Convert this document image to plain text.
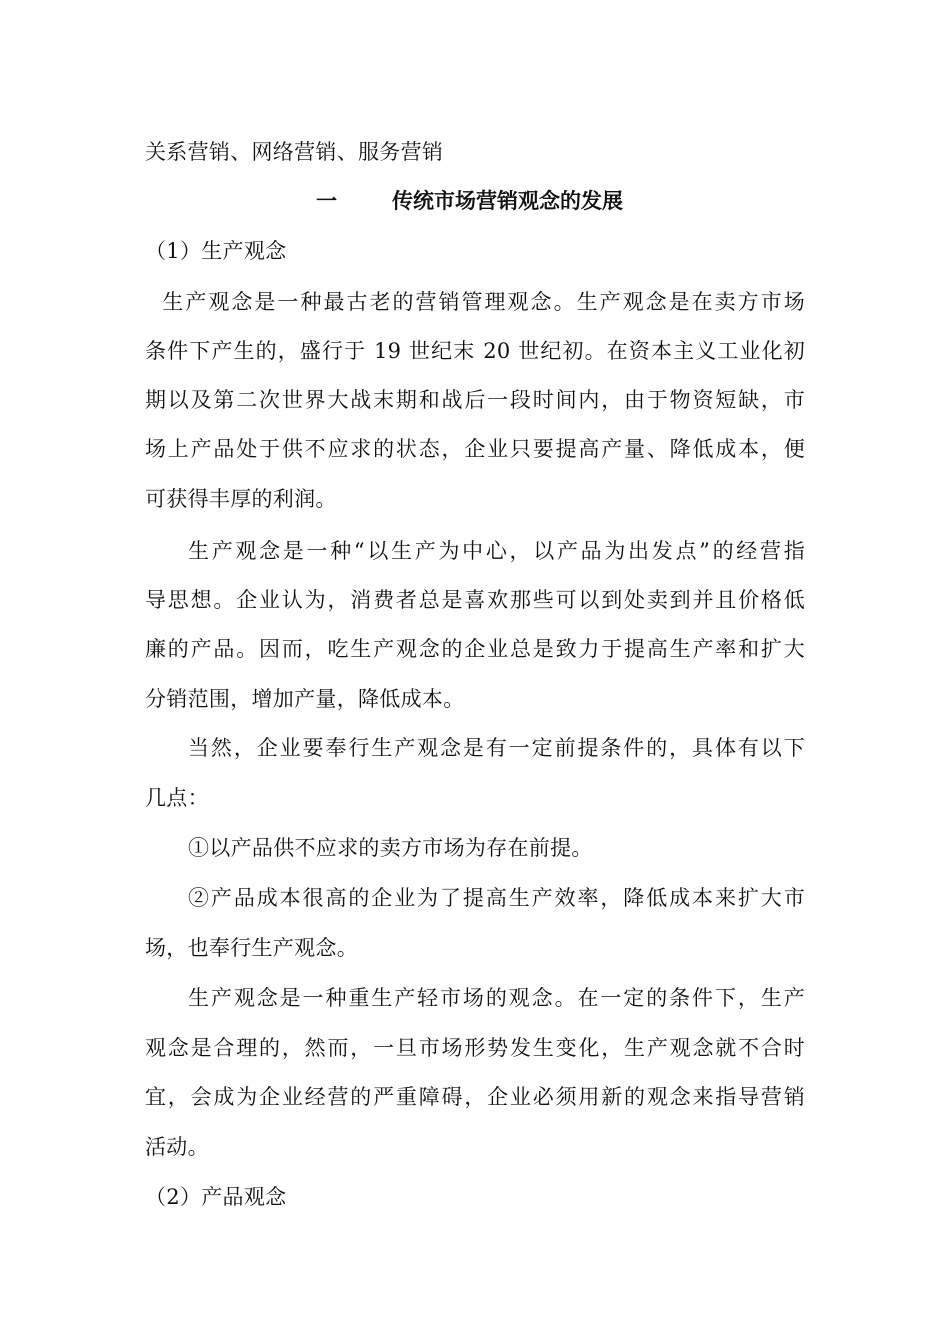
关系营销、网络营销、服务营销
一	传统市场营销观念的发展
（1）生产观念
生产观念是一种最古老的营销管理观念。生产观念是在卖方市场
条件下产生的，盛行于 19 世纪末 20 世纪初。在资本主义工业化初
期以及第二次世界大战末期和战后一段时间内，由于物资短缺，市
场上产品处于供不应求的状态，企业只要提高产量、降低成本，便
可获得丰厚的利润。
生产观念是一种“以生产为中心，以产品为出发点”的经营指
导思想。企业认为，消费者总是喜欢那些可以到处卖到并且价格低
廉的产品。因而，吃生产观念的企业总是致力于提高生产率和扩大
分销范围，增加产量，降低成本。
当然，企业要奉行生产观念是有一定前提条件的，具体有以下
几点：
①以产品供不应求的卖方市场为存在前提。
②产品成本很高的企业为了提高生产效率，降低成本来扩大市
场，也奉行生产观念。
生产观念是一种重生产轻市场的观念。在一定的条件下，生产
观念是合理的，然而，一旦市场形势发生变化，生产观念就不合时
宜，会成为企业经营的严重障碍，企业必须用新的观念来指导营销
活动。
（2）产品观念
